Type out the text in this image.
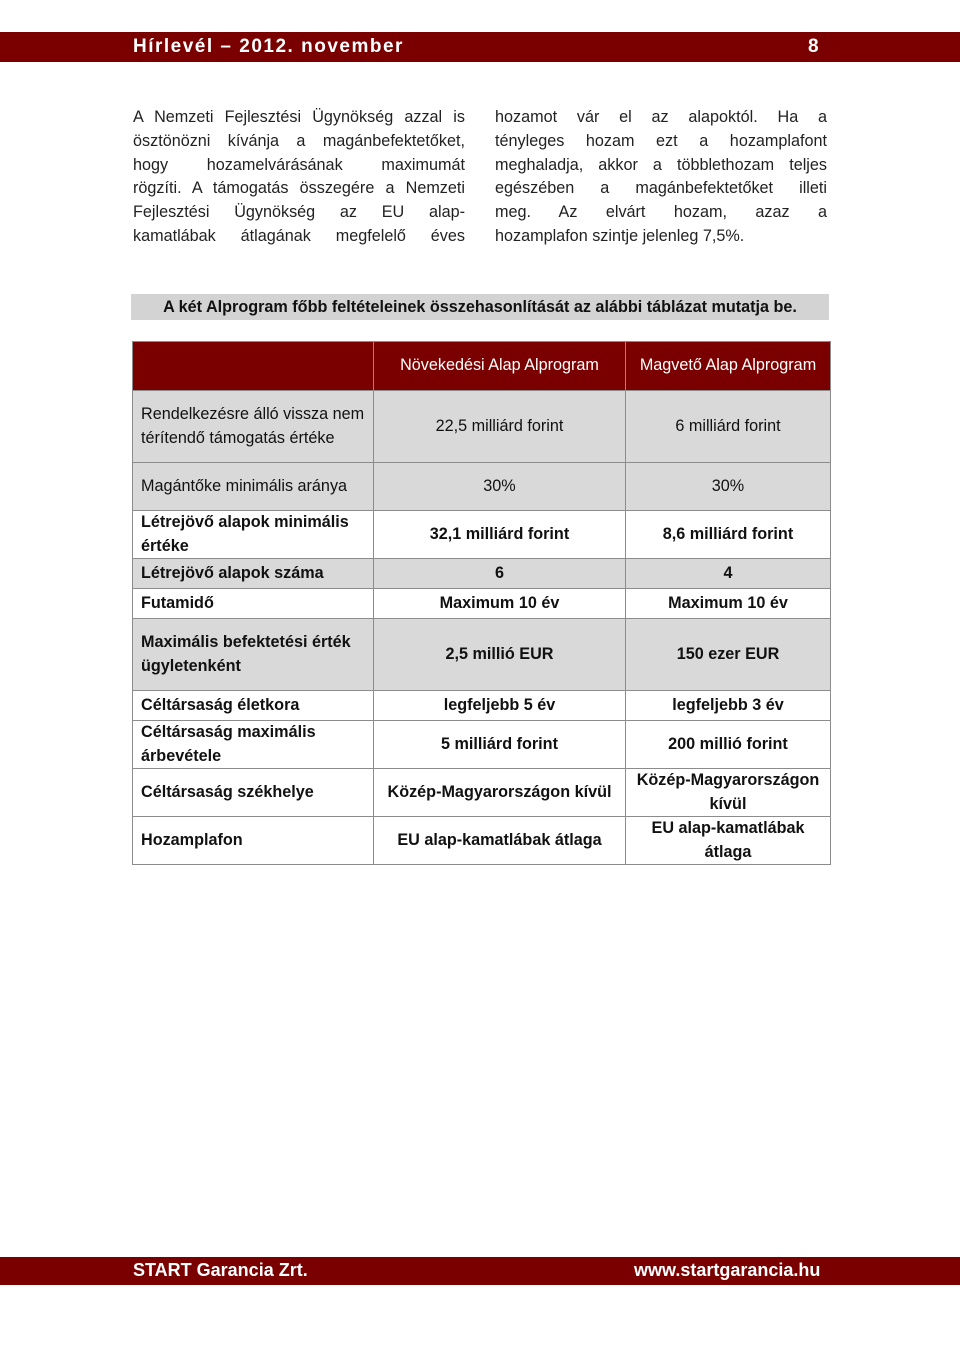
Hírlevél – 2012. november	8

A Nemzeti Fejlesztési Ügynökség azzal is

ösztönözni kívánja a magánbefektetőket,

hogy hozamelvárásának maximumát

rögzíti. A támogatás összegére a Nemzeti

Fejlesztési Ügynökség az EU alap-

kamatlábak átlagának megfelelő éves

hozamot vár el az alapoktól. Ha a

tényleges hozam ezt a hozamplafont

meghaladja, akkor a többlethozam teljes

egészében a magánbefektetőket illeti

meg. Az elvárt hozam, azaz a

hozamplafon szintje jelenleg 7,5%.

A két Alprogram főbb feltételeinek összehasonlítását az alábbi táblázat mutatja be.
	Növekedési Alap Alprogram	Magvető Alap Alprogram
Rendelkezésre álló vissza nem térítendő támogatás értéke	22,5 milliárd forint	6 milliárd forint
Magántőke minimális aránya	30%	30%
Létrejövő alapok minimális értéke	32,1 milliárd forint	8,6 milliárd forint
Létrejövő alapok száma	6	4
Futamidő	Maximum 10 év	Maximum 10 év
Maximális befektetési érték ügyletenként	2,5 millió EUR	150 ezer EUR
Céltársaság életkora	legfeljebb 5 év	legfeljebb 3 év
Céltársaság maximális árbevétele	5 milliárd forint	200 millió forint
Céltársaság székhelye	Közép-Magyarországon kívül	Közép-Magyarországon kívül
Hozamplafon	EU alap-kamatlábak átlaga	EU alap-kamatlábak átlaga
START Garancia Zrt.	www.startgarancia.hu
